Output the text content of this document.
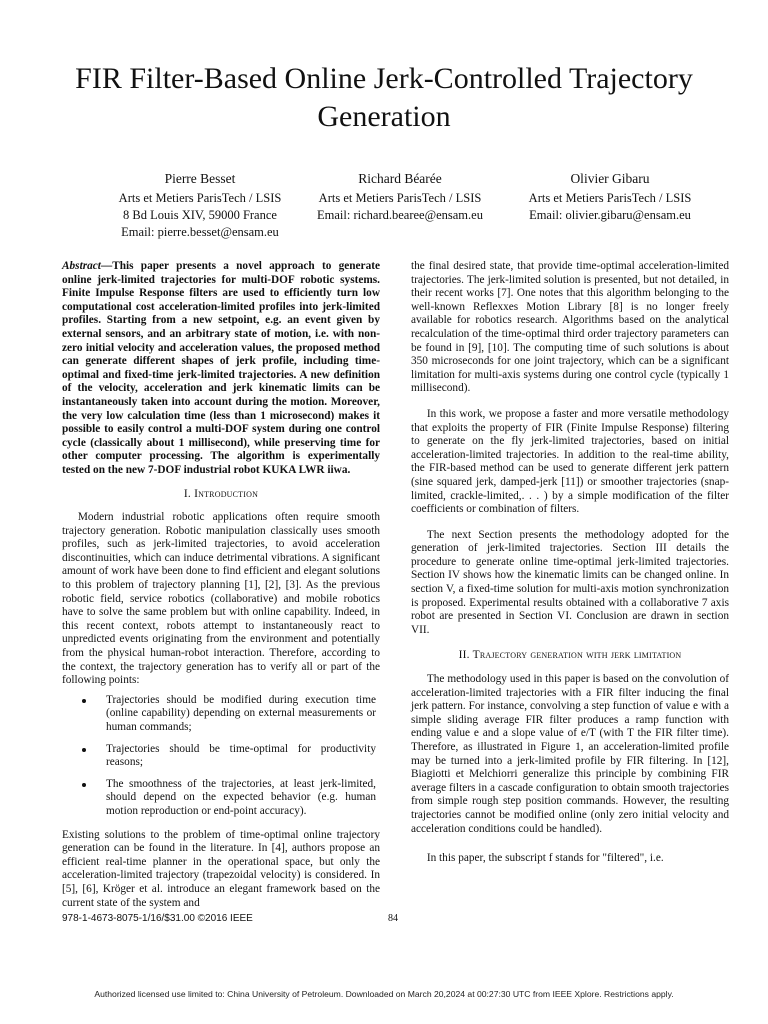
FIR Filter-Based Online Jerk-Controlled Trajectory Generation
Pierre Besset
Arts et Metiers ParisTech / LSIS
8 Bd Louis XIV, 59000 France
Email: pierre.besset@ensam.eu
Richard Béarée
Arts et Metiers ParisTech / LSIS
Email: richard.bearee@ensam.eu
Olivier Gibaru
Arts et Metiers ParisTech / LSIS
Email: olivier.gibaru@ensam.eu

Abstract—This paper presents a novel approach to generate online jerk-limited trajectories for multi-DOF robotic systems. Finite Impulse Response filters are used to efficiently turn low computational cost acceleration-limited profiles into jerk-limited profiles. Starting from a new setpoint, e.g. an event given by external sensors, and an arbitrary state of motion, i.e. with non-zero initial velocity and acceleration values, the proposed method can generate different shapes of jerk profile, including time-optimal and fixed-time jerk-limited trajectories. A new definition of the velocity, acceleration and jerk kinematic limits can be instantaneously taken into account during the motion. Moreover, the very low calculation time (less than 1 microsecond) makes it possible to easily control a multi-DOF system during one control cycle (classically about 1 millisecond), while preserving time for other computer processing. The algorithm is experimentally tested on the new 7-DOF industrial robot KUKA LWR iiwa.

I. Introduction

Modern industrial robotic applications often require smooth trajectory generation. Robotic manipulation classically uses smooth profiles, such as jerk-limited trajectories, to avoid acceleration discontinuities, which can induce detrimental vibrations. A significant amount of work have been done to find efficient and elegant solutions to this problem of trajectory planning [1], [2], [3]. As the previous robotic field, service robotics (collaborative) and mobile robotics have to solve the same problem but with online capability. Indeed, in this recent context, robots attempt to instantaneously react to unpredicted events originating from the environment and potentially from the physical human-robot interaction. Therefore, according to the context, the trajectory generation has to verify all or part of the following points:

Trajectories should be modified during execution time (online capability) depending on external measurements or human commands;
Trajectories should be time-optimal for productivity reasons;
The smoothness of the trajectories, at least jerk-limited, should depend on the expected behavior (e.g. human motion reproduction or end-point accuracy).

Existing solutions to the problem of time-optimal online trajectory generation can be found in the literature. In [4], authors propose an efficient real-time planner in the operational space, but only the acceleration-limited trajectory (trapezoidal velocity) is considered. In [5], [6], Kröger et al. introduce an elegant framework based on the current state of the system and

the final desired state, that provide time-optimal acceleration-limited trajectories. The jerk-limited solution is presented, but not detailed, in their recent works [7]. One notes that this algorithm belonging to the well-known Reflexxes Motion Library [8] is no longer freely available for robotics research. Algorithms based on the analytical recalculation of the time-optimal third order trajectory parameters can be found in [9], [10]. The computing time of such solutions is about 350 microseconds for one joint trajectory, which can be a significant limitation for multi-axis systems during one control cycle (typically 1 millisecond).

In this work, we propose a faster and more versatile methodology that exploits the property of FIR (Finite Impulse Response) filtering to generate on the fly jerk-limited trajectories, based on initial acceleration-limited trajectories. In addition to the real-time ability, the FIR-based method can be used to generate different jerk pattern (sine squared jerk, damped-jerk [11]) or smoother trajectories (snap-limited, crackle-limited,. . . ) by a simple modification of the filter coefficients or combination of filters.

The next Section presents the methodology adopted for the generation of jerk-limited trajectories. Section III details the procedure to generate online time-optimal jerk-limited trajectories. Section IV shows how the kinematic limits can be changed online. In section V, a fixed-time solution for multi-axis motion synchronization is proposed. Experimental results obtained with a collaborative 7 axis robot are presented in Section VI. Conclusion are drawn in section VII.

II. Trajectory generation with jerk limitation

The methodology used in this paper is based on the convolution of acceleration-limited trajectories with a FIR filter inducing the final jerk pattern. For instance, convolving a step function of value e with a simple sliding average FIR filter produces a ramp function with ending value e and a slope value of e/T (with T the FIR filter time). Therefore, as illustrated in Figure 1, an acceleration-limited profile may be turned into a jerk-limited profile by FIR filtering. In [12], Biagiotti et Melchiorri generalize this principle by combining FIR average filters in a cascade configuration to obtain smooth trajectories from simple rough step position commands. However, the resulting trajectories cannot be modified online (only zero initial velocity and acceleration conditions could be handled).

In this paper, the subscript f stands for "filtered", i.e.

978-1-4673-8075-1/16/$31.00 ©2016 IEEE	84
Authorized licensed use limited to: China University of Petroleum. Downloaded on March 20,2024 at 00:27:30 UTC from IEEE Xplore. Restrictions apply.
